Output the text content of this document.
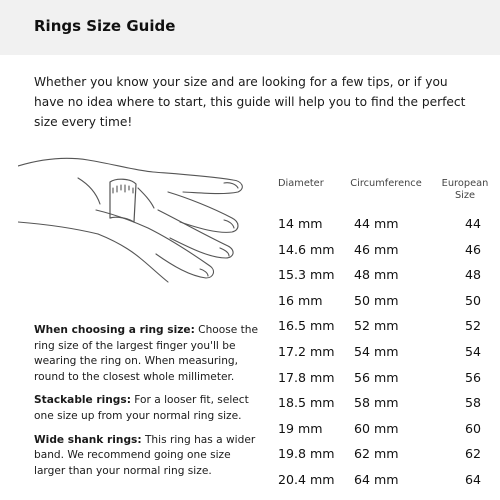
Rings Size Guide
Whether you know your size and are looking for a few tips, or if you have no idea where to start, this guide will help you to find the perfect size every time!

When choosing a ring size: Choose the ring size of the largest finger you'll be wearing the ring on. When measuring, round to the closest whole millimeter.

Stackable rings: For a looser fit, select one size up from your normal ring size.

Wide shank rings: This ring has a wider band. We recommend going one size larger than your normal ring size.

Diameter	Circumference	European
Size
14 mm	44 mm	44
14.6 mm	46 mm	46
15.3 mm	48 mm	48
16 mm	50 mm	50
16.5 mm	52 mm	52
17.2 mm	54 mm	54
17.8 mm	56 mm	56
18.5 mm	58 mm	58
19 mm	60 mm	60
19.8 mm	62 mm	62
20.4 mm	64 mm	64
